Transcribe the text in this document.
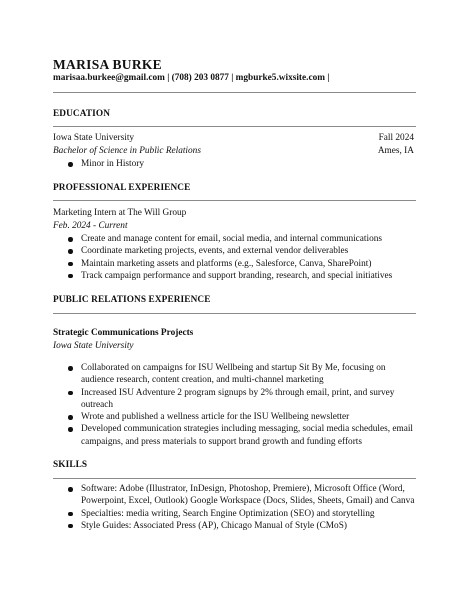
MARISA BURKE
marisaa.burkee@gmail.com | (708) 203 0877 | mgburke5.wixsite.com |
EDUCATION
Iowa State University	Fall 2024
Bachelor of Science in Public Relations	Ames, IA
Minor in History
PROFESSIONAL EXPERIENCE
Marketing Intern at The Will Group
Feb. 2024 - Current
Create and manage content for email, social media, and internal communications
Coordinate marketing projects, events, and external vendor deliverables
Maintain marketing assets and platforms (e.g., Salesforce, Canva, SharePoint)
Track campaign performance and support branding, research, and special initiatives
PUBLIC RELATIONS EXPERIENCE
Strategic Communications Projects
Iowa State University
Collaborated on campaigns for ISU Wellbeing and startup Sit By Me, focusing on
audience research, content creation, and multi-channel marketing
Increased ISU Adventure 2 program signups by 2% through email, print, and survey
outreach
Wrote and published a wellness article for the ISU Wellbeing newsletter
Developed communication strategies including messaging, social media schedules, email
campaigns, and press materials to support brand growth and funding efforts
SKILLS
Software: Adobe (Illustrator, InDesign, Photoshop, Premiere), Microsoft Office (Word,
Powerpoint, Excel, Outlook) Google Workspace (Docs, Slides, Sheets, Gmail) and Canva
Specialties: media writing, Search Engine Optimization (SEO) and storytelling
Style Guides: Associated Press (AP), Chicago Manual of Style (CMoS)
